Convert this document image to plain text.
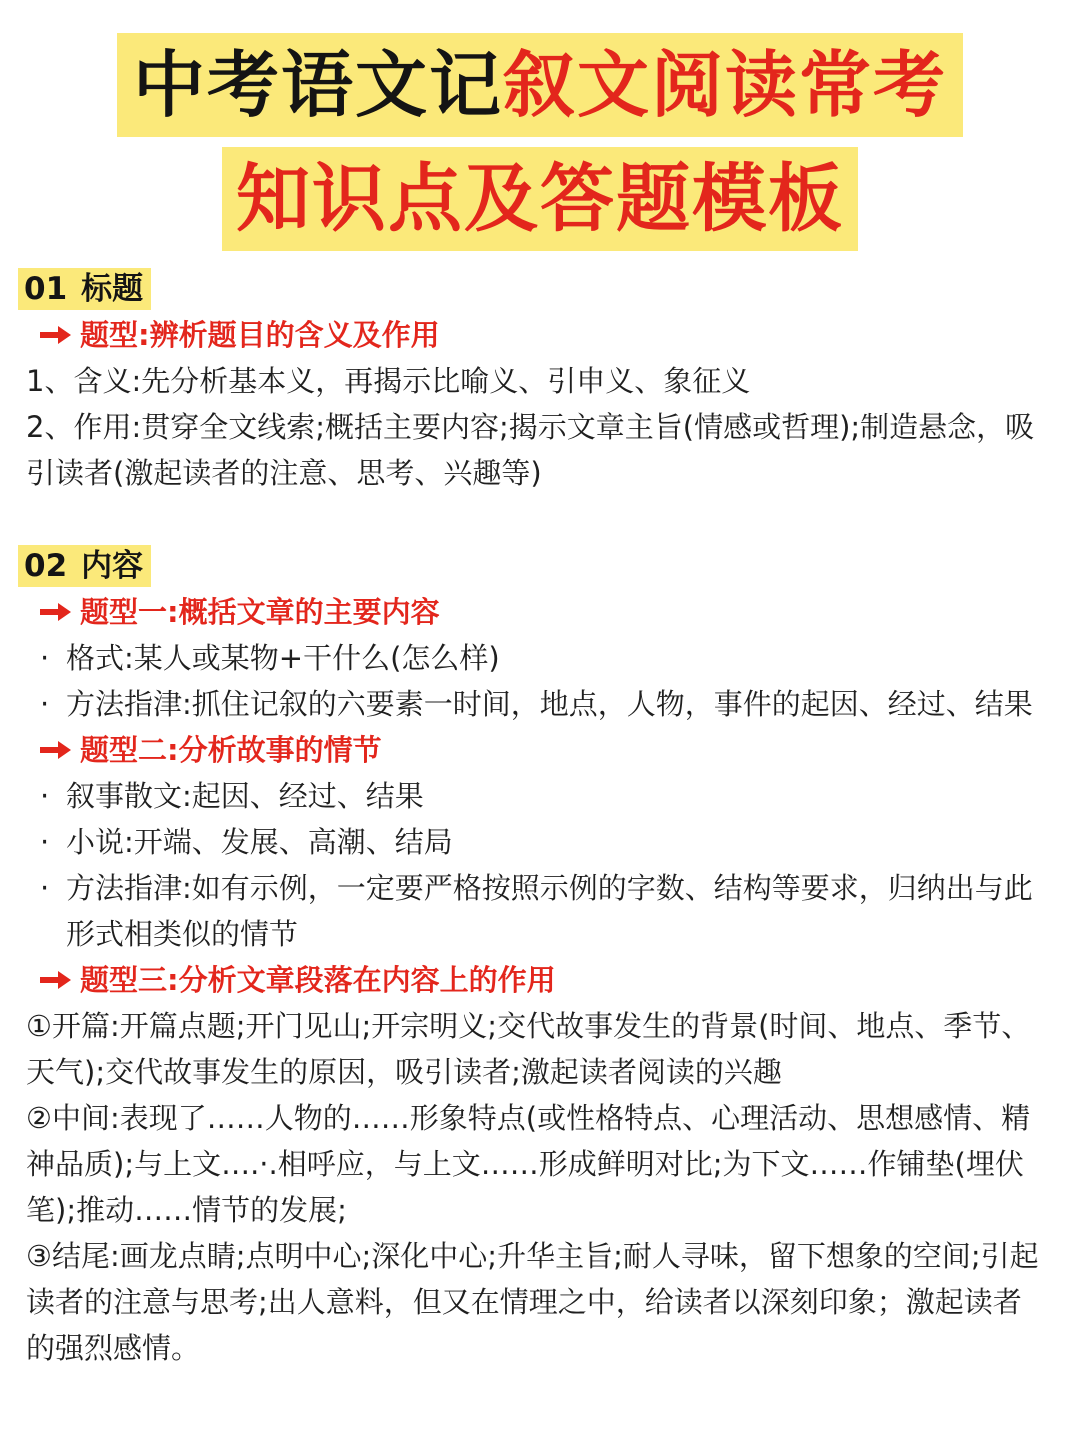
中考语文记叙文阅读常考
知识点及答题模板
01 标题
题型:辨析题目的含义及作用
1、含义:先分析基本义，再揭示比喻义、引申义、象征义
2、作用:贯穿全文线索;概括主要内容;揭示文章主旨(情感或哲理);制造悬念，吸引读者(激起读者的注意、思考、兴趣等)
02 内容
题型一:概括文章的主要内容
· 格式:某人或某物+干什么(怎么样)
· 方法指津:抓住记叙的六要素一时间，地点，人物，事件的起因、经过、结果
题型二:分析故事的情节
· 叙事散文:起因、经过、结果
· 小说:开端、发展、高潮、结局
· 方法指津:如有示例，一定要严格按照示例的字数、结构等要求，归纳出与此形式相类似的情节
题型三:分析文章段落在内容上的作用
①开篇:开篇点题;开门见山;开宗明义;交代故事发生的背景(时间、地点、季节、天气);交代故事发生的原因，吸引读者;激起读者阅读的兴趣
②中间:表现了……人物的……形象特点(或性格特点、心理活动、思想感情、精神品质);与上文….·.相呼应，与上文……形成鲜明对比;为下文……作铺垫(埋伏笔);推动……情节的发展;
③结尾:画龙点睛;点明中心;深化中心;升华主旨;耐人寻味，留下想象的空间;引起读者的注意与思考;出人意料，但又在情理之中，给读者以深刻印象；激起读者的强烈感情。
